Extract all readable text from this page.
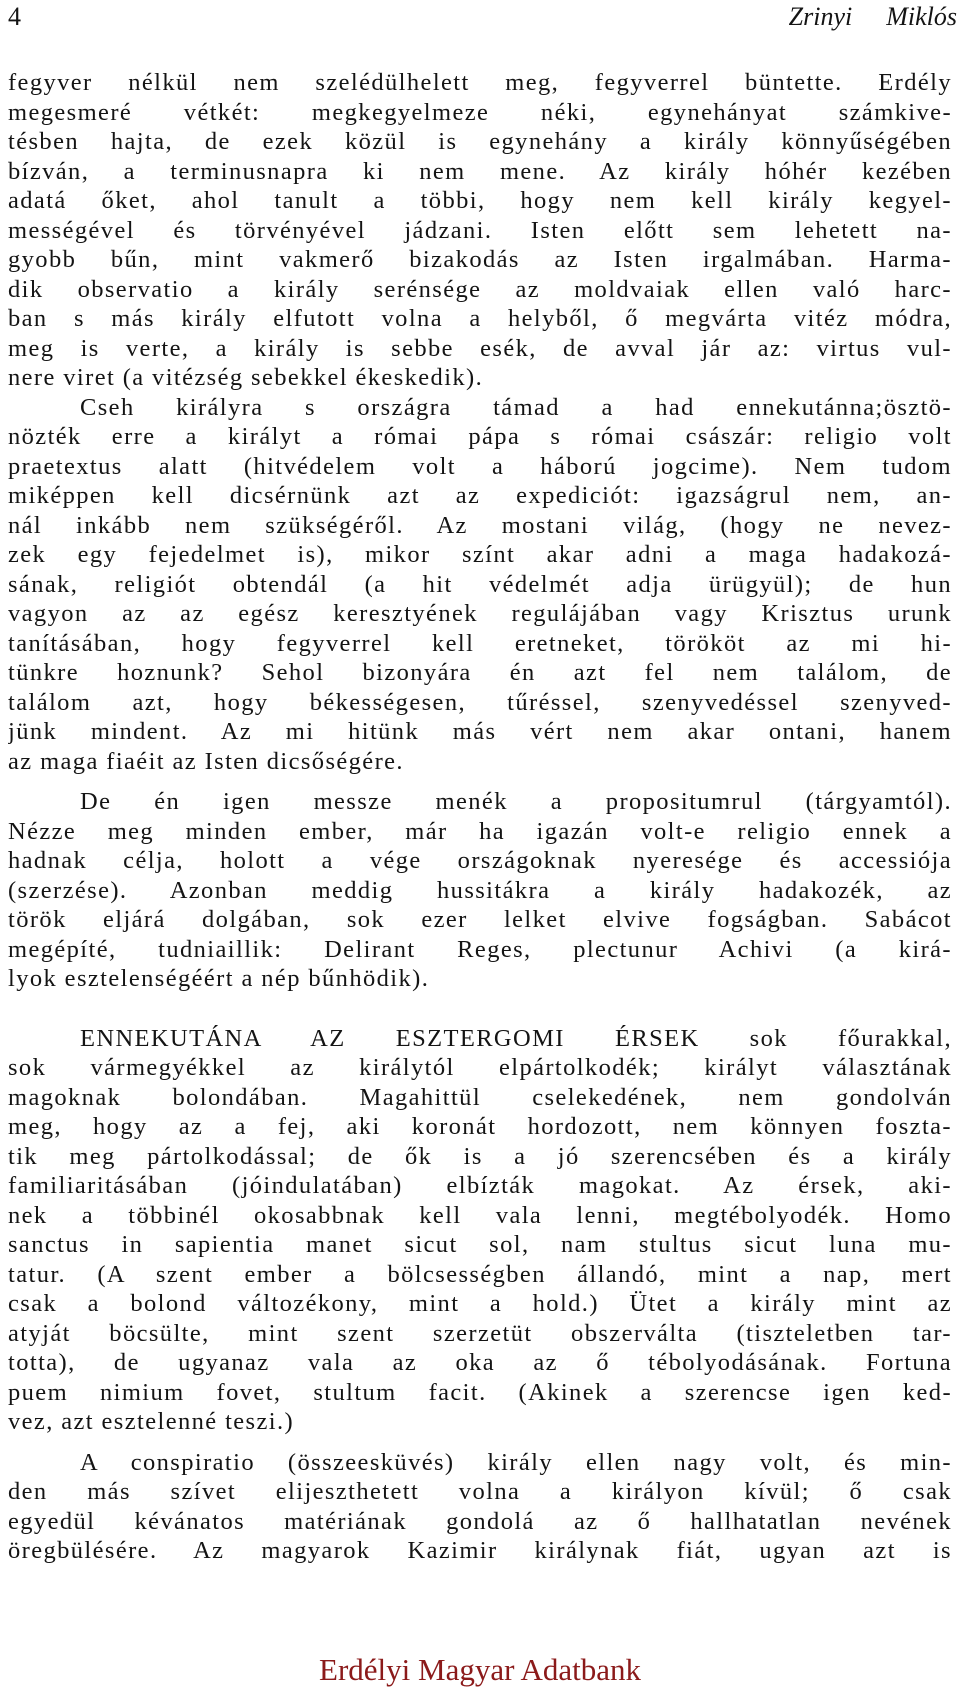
4	Zrinyi Miklós
fegyver nélkül nem szelédülhelett meg, fegyverrel büntette. Erdély
megesmeré vétkét: megkegyelmeze néki, egynehányat számkive-
tésben hajta, de ezek közül is egynehány a király könnyűségében
bízván, a terminusnapra ki nem mene. Az király hóhér kezében
adatá őket, ahol tanult a többi, hogy nem kell király kegyel-
mességével és törvényével jádzani. Isten előtt sem lehetett na-
gyobb bűn, mint vakmerő bizakodás az Isten irgalmában. Harma-
dik observatio a király serénsége az moldvaiak ellen való harc-
ban s más király elfutott volna a helyből, ő megvárta vitéz módra,
meg is verte, a király is sebbe esék, de avval jár az: virtus vul-
nere viret (a vitézség sebekkel ékeskedik).
Cseh királyra s országra támad a had ennekutánna;ösztö-
nözték erre a királyt a római pápa s római császár: religio volt
praetextus alatt (hitvédelem volt a háború jogcime). Nem tudom
miképpen kell dicsérnünk azt az expediciót: igazságrul nem, an-
nál inkább nem szükségéről. Az mostani világ, (hogy ne nevez-
zek egy fejedelmet is), mikor színt akar adni a maga hadakozá-
sának, religiót obtendál (a hit védelmét adja ürügyül); de hun
vagyon az az egész keresztyének regulájában vagy Krisztus urunk
tanításában, hogy fegyverrel kell eretneket, törököt az mi hi-
tünkre hoznunk? Sehol bizonyára én azt fel nem találom, de
találom azt, hogy békességesen, tűréssel, szenyvedéssel szenyved-
jünk mindent. Az mi hitünk más vért nem akar ontani, hanem
az maga fiaéit az Isten dicsőségére.
De én igen messze menék a propositumrul (tárgyamtól).
Nézze meg minden ember, már ha igazán volt-e religio ennek a
hadnak célja, holott a vége országoknak nyeresége és accessiója
(szerzése). Azonban meddig hussitákra a király hadakozék, az
török eljárá dolgában, sok ezer lelket elvive fogságban. Sabácot
megépíté, tudniaillik: Delirant Reges, plectunur Achivi (a kirá-
lyok esztelenségéért a nép bűnhödik).
ENNEKUTÁNA AZ ESZTERGOMI ÉRSEK sok főurakkal,
sok vármegyékkel az királytól elpártolkodék; királyt választának
magoknak bolondában. Magahittül cselekedének, nem gondolván
meg, hogy az a fej, aki koronát hordozott, nem könnyen foszta-
tik meg pártolkodással; de ők is a jó szerencsében és a király
familiaritásában (jóindulatában) elbízták magokat. Az érsek, aki-
nek a többinél okosabbnak kell vala lenni, megtébolyodék. Homo
sanctus in sapientia manet sicut sol, nam stultus sicut luna mu-
tatur. (A szent ember a bölcsességben állandó, mint a nap, mert
csak a bolond változékony, mint a hold.) Ütet a király mint az
atyját böcsülte, mint szent szerzetüt obszerválta (tiszteletben tar-
totta), de ugyanaz vala az oka az ő tébolyodásának. Fortuna
puem nimium fovet, stultum facit. (Akinek a szerencse igen ked-
vez, azt esztelenné teszi.)
A conspiratio (összeesküvés) király ellen nagy volt, és min-
den más szívet elijeszthetett volna a királyon kívül; ő csak
egyedül kévánatos matériának gondolá az ő hallhatatlan nevének
öregbülésére. Az magyarok Kazimir királynak fiát, ugyan azt is
Erdélyi Magyar Adatbank
